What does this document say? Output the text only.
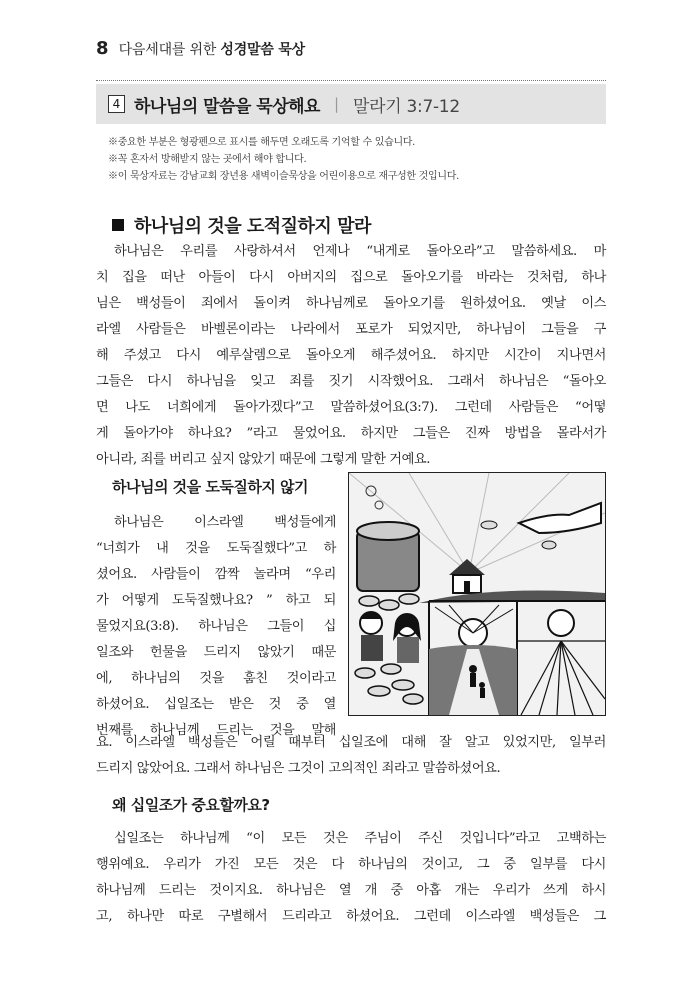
8 다음세대를 위한 성경말씀 묵상
4 하나님의 말씀을 묵상해요 | 말라기 3:7-12
※중요한 부분은 형광펜으로 표시를 해두면 오래도록 기억할 수 있습니다.
※꼭 혼자서 방해받지 않는 곳에서 해야 합니다.
※이 묵상자료는 강남교회 장년용 새벽이슬묵상을 어린이용으로 재구성한 것입니다.
하나님의 것을 도적질하지 말라
하나님은 우리를 사랑하셔서 언제나 “내게로 돌아오라”고 말씀하세요. 마
치 집을 떠난 아들이 다시 아버지의 집으로 돌아오기를 바라는 것처럼, 하나
님은 백성들이 죄에서 돌이켜 하나님께로 돌아오기를 원하셨어요. 옛날 이스
라엘 사람들은 바벨론이라는 나라에서 포로가 되었지만, 하나님이 그들을 구
해 주셨고 다시 예루살렘으로 돌아오게 해주셨어요. 하지만 시간이 지나면서
그들은 다시 하나님을 잊고 죄를 짓기 시작했어요. 그래서 하나님은 “돌아오
면 나도 너희에게 돌아가겠다”고 말씀하셨어요(3:7). 그런데 사람들은 “어떻
게 돌아가야 하나요? ”라고 물었어요. 하지만 그들은 진짜 방법을 몰라서가
아니라, 죄를 버리고 싶지 않았기 때문에 그렇게 말한 거예요.
하나님의 것을 도둑질하지 않기
하나님은 이스라엘 백성들에게
“너희가 내 것을 도둑질했다”고 하
셨어요. 사람들이 깜짝 놀라며 “우리
가 어떻게 도둑질했나요? ” 하고 되
물었지요(3:8). 하나님은 그들이 십
일조와 헌물을 드리지 않았기 때문
에, 하나님의 것을 훔친 것이라고
하셨어요. 십일조는 받은 것 중 열
번째를 하나님께 드리는 것을 말해
요. 이스라엘 백성들은 어릴 때부터 십일조에 대해 잘 알고 있었지만, 일부러
드리지 않았어요. 그래서 하나님은 그것이 고의적인 죄라고 말씀하셨어요.
왜 십일조가 중요할까요?
십일조는 하나님께 “이 모든 것은 주님이 주신 것입니다”라고 고백하는
행위예요. 우리가 가진 모든 것은 다 하나님의 것이고, 그 중 일부를 다시
하나님께 드리는 것이지요. 하나님은 열 개 중 아홉 개는 우리가 쓰게 하시
고, 하나만 따로 구별해서 드리라고 하셨어요. 그런데 이스라엘 백성들은 그
